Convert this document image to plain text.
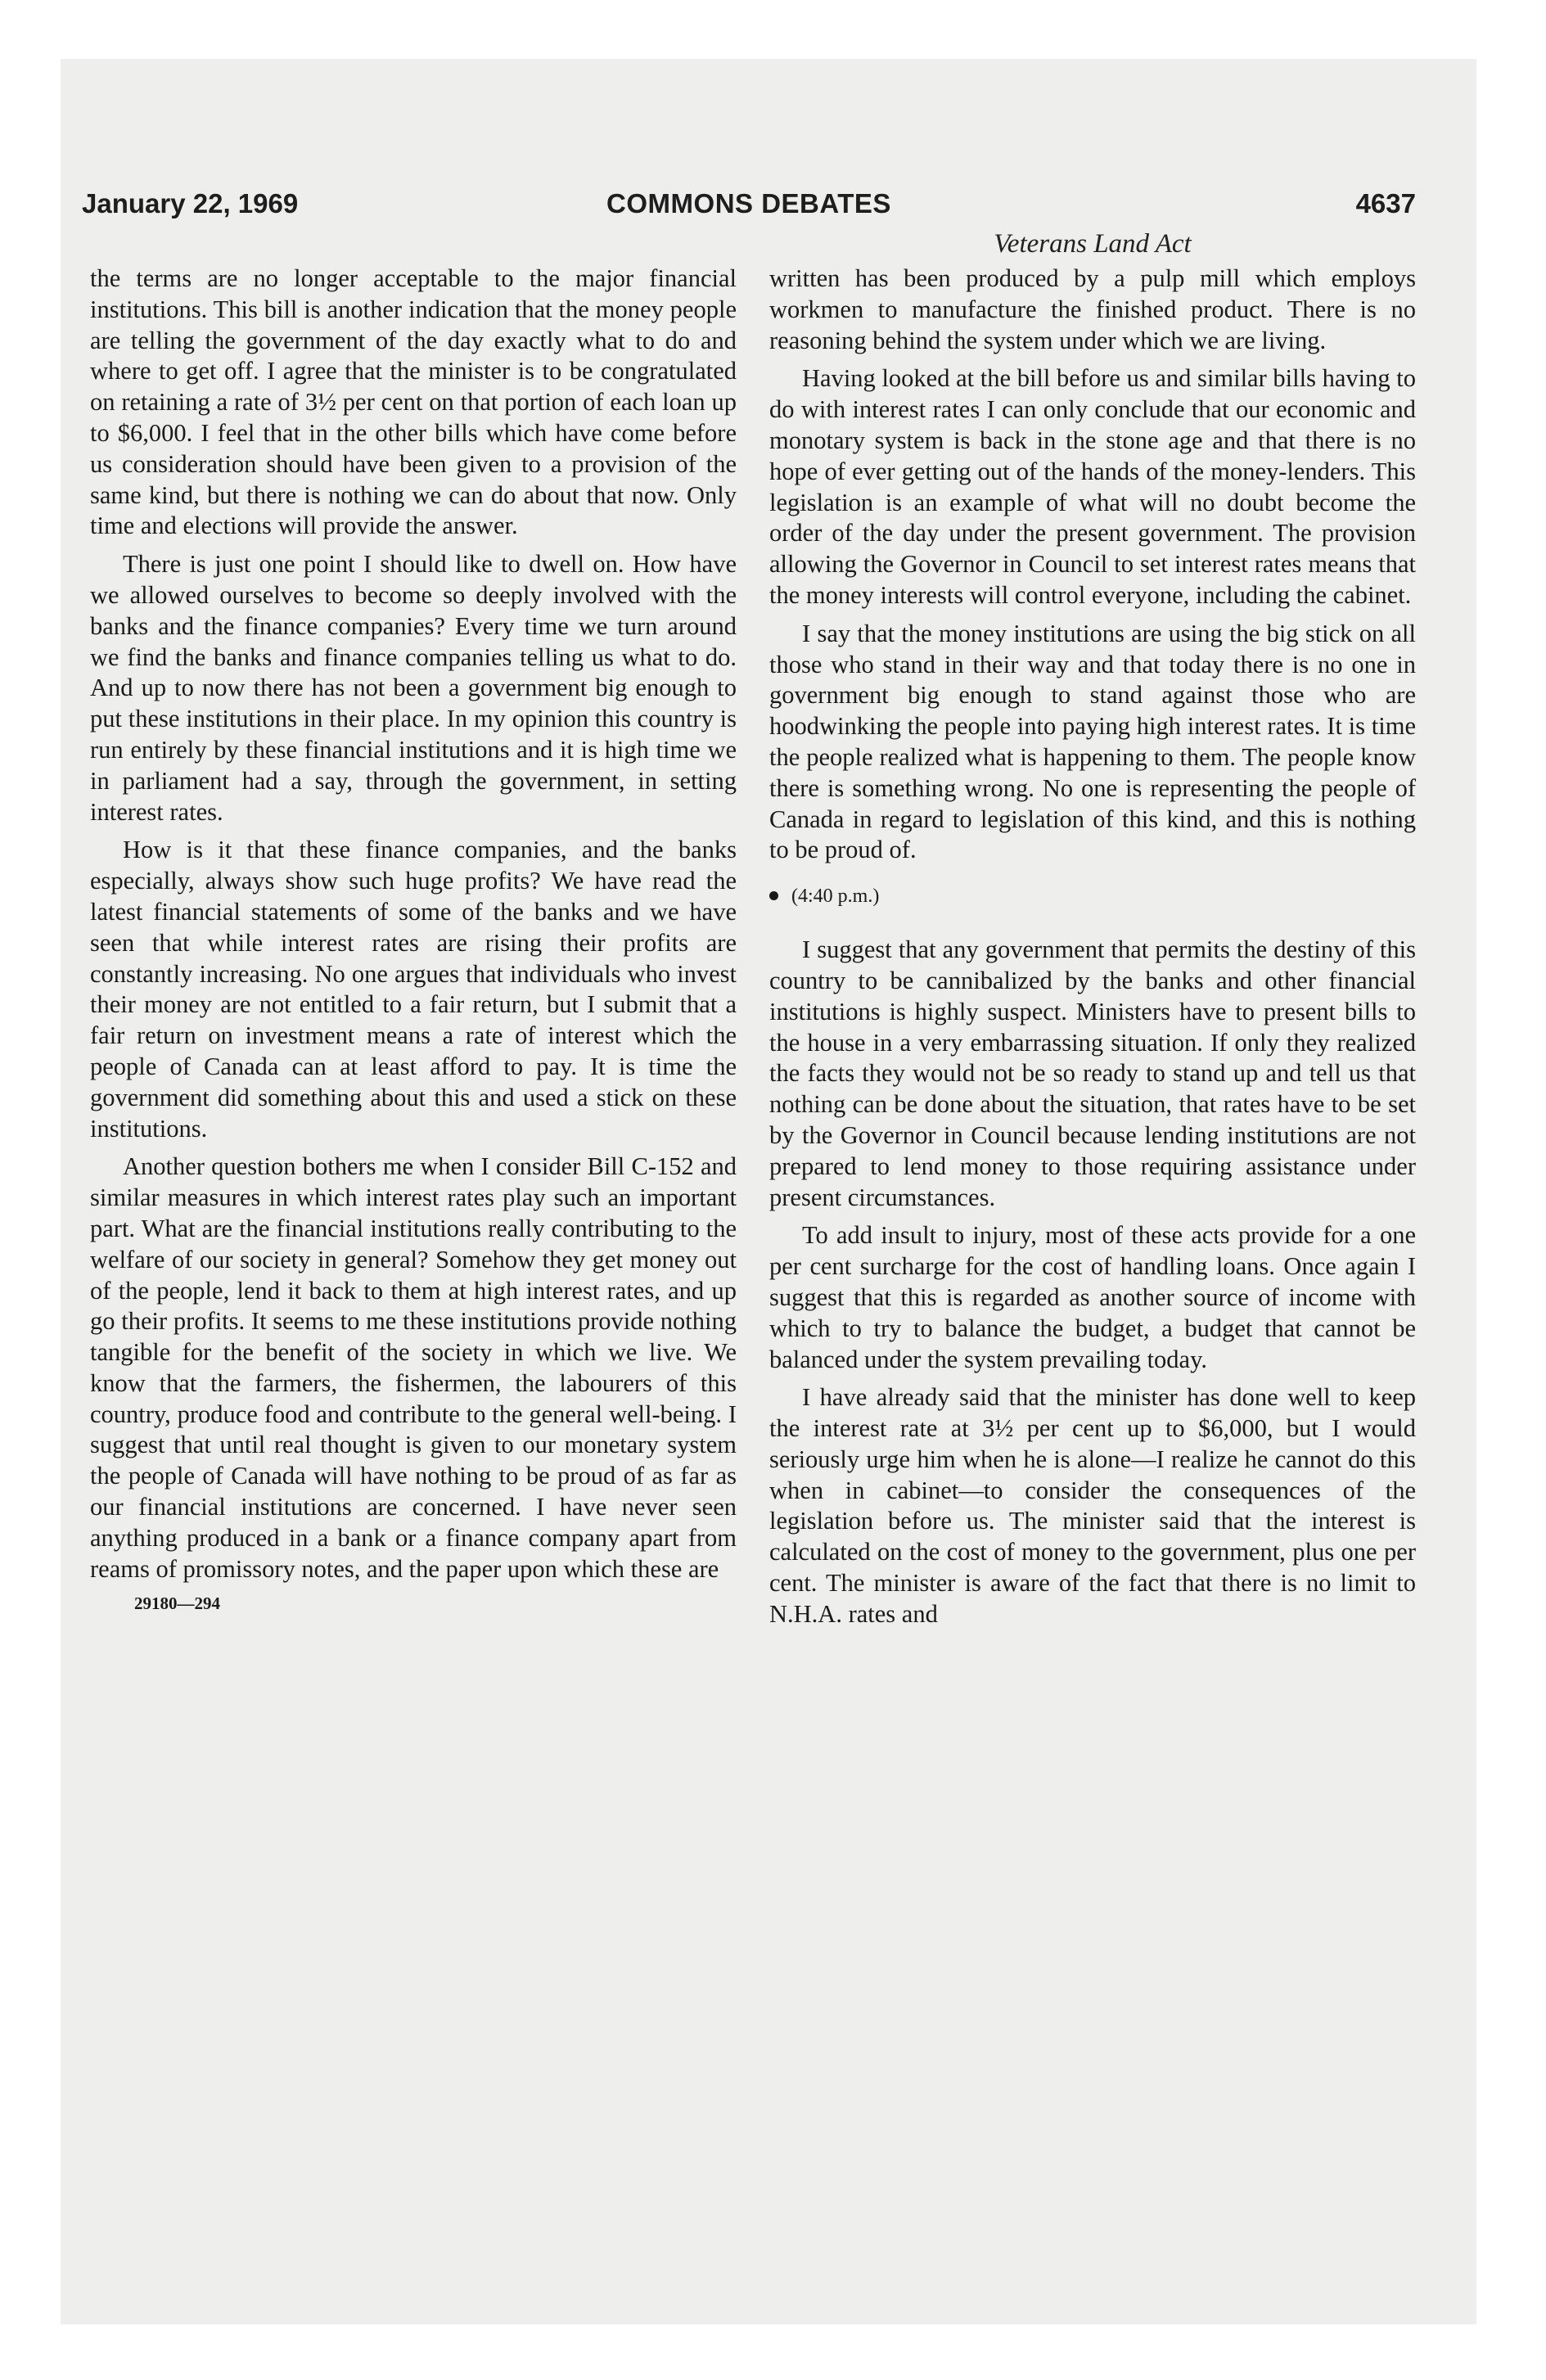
January 22, 1969	COMMONS DEBATES	4637
Veterans Land Act

the terms are no longer acceptable to the major financial institutions. This bill is another indication that the money people are telling the government of the day exactly what to do and where to get off. I agree that the minister is to be congratulated on retaining a rate of 3½ per cent on that portion of each loan up to $6,000. I feel that in the other bills which have come before us consideration should have been given to a provision of the same kind, but there is nothing we can do about that now. Only time and elections will provide the answer.

There is just one point I should like to dwell on. How have we allowed ourselves to become so deeply involved with the banks and the finance companies? Every time we turn around we find the banks and finance companies telling us what to do. And up to now there has not been a government big enough to put these institutions in their place. In my opinion this country is run entirely by these financial institutions and it is high time we in parliament had a say, through the government, in setting interest rates.

How is it that these finance companies, and the banks especially, always show such huge profits? We have read the latest financial statements of some of the banks and we have seen that while interest rates are rising their profits are constantly increasing. No one argues that individuals who invest their money are not entitled to a fair return, but I submit that a fair return on investment means a rate of interest which the people of Canada can at least afford to pay. It is time the government did something about this and used a stick on these institutions.

Another question bothers me when I consider Bill C-152 and similar measures in which interest rates play such an important part. What are the financial institutions really contributing to the welfare of our society in general? Somehow they get money out of the people, lend it back to them at high interest rates, and up go their profits. It seems to me these institutions provide nothing tangible for the benefit of the society in which we live. We know that the farmers, the fishermen, the labourers of this country, produce food and contribute to the general well-being. I suggest that until real thought is given to our monetary system the people of Canada will have nothing to be proud of as far as our financial institutions are concerned. I have never seen anything produced in a bank or a finance company apart from reams of promissory notes, and the paper upon which these are

29180—294

written has been produced by a pulp mill which employs workmen to manufacture the finished product. There is no reasoning behind the system under which we are living.

Having looked at the bill before us and similar bills having to do with interest rates I can only conclude that our economic and monotary system is back in the stone age and that there is no hope of ever getting out of the hands of the money-lenders. This legislation is an example of what will no doubt become the order of the day under the present government. The provision allowing the Governor in Council to set interest rates means that the money interests will control everyone, including the cabinet.

I say that the money institutions are using the big stick on all those who stand in their way and that today there is no one in government big enough to stand against those who are hoodwinking the people into paying high interest rates. It is time the people realized what is happening to them. The people know there is something wrong. No one is representing the people of Canada in regard to legislation of this kind, and this is nothing to be proud of.

(4:40 p.m.)

I suggest that any government that permits the destiny of this country to be cannibalized by the banks and other financial institutions is highly suspect. Ministers have to present bills to the house in a very embarrassing situation. If only they realized the facts they would not be so ready to stand up and tell us that nothing can be done about the situation, that rates have to be set by the Governor in Council because lending institutions are not prepared to lend money to those requiring assistance under present circumstances.

To add insult to injury, most of these acts provide for a one per cent surcharge for the cost of handling loans. Once again I suggest that this is regarded as another source of income with which to try to balance the budget, a budget that cannot be balanced under the system prevailing today.

I have already said that the minister has done well to keep the interest rate at 3½ per cent up to $6,000, but I would seriously urge him when he is alone—I realize he cannot do this when in cabinet—to consider the consequences of the legislation before us. The minister said that the interest is calculated on the cost of money to the government, plus one per cent. The minister is aware of the fact that there is no limit to N.H.A. rates and
